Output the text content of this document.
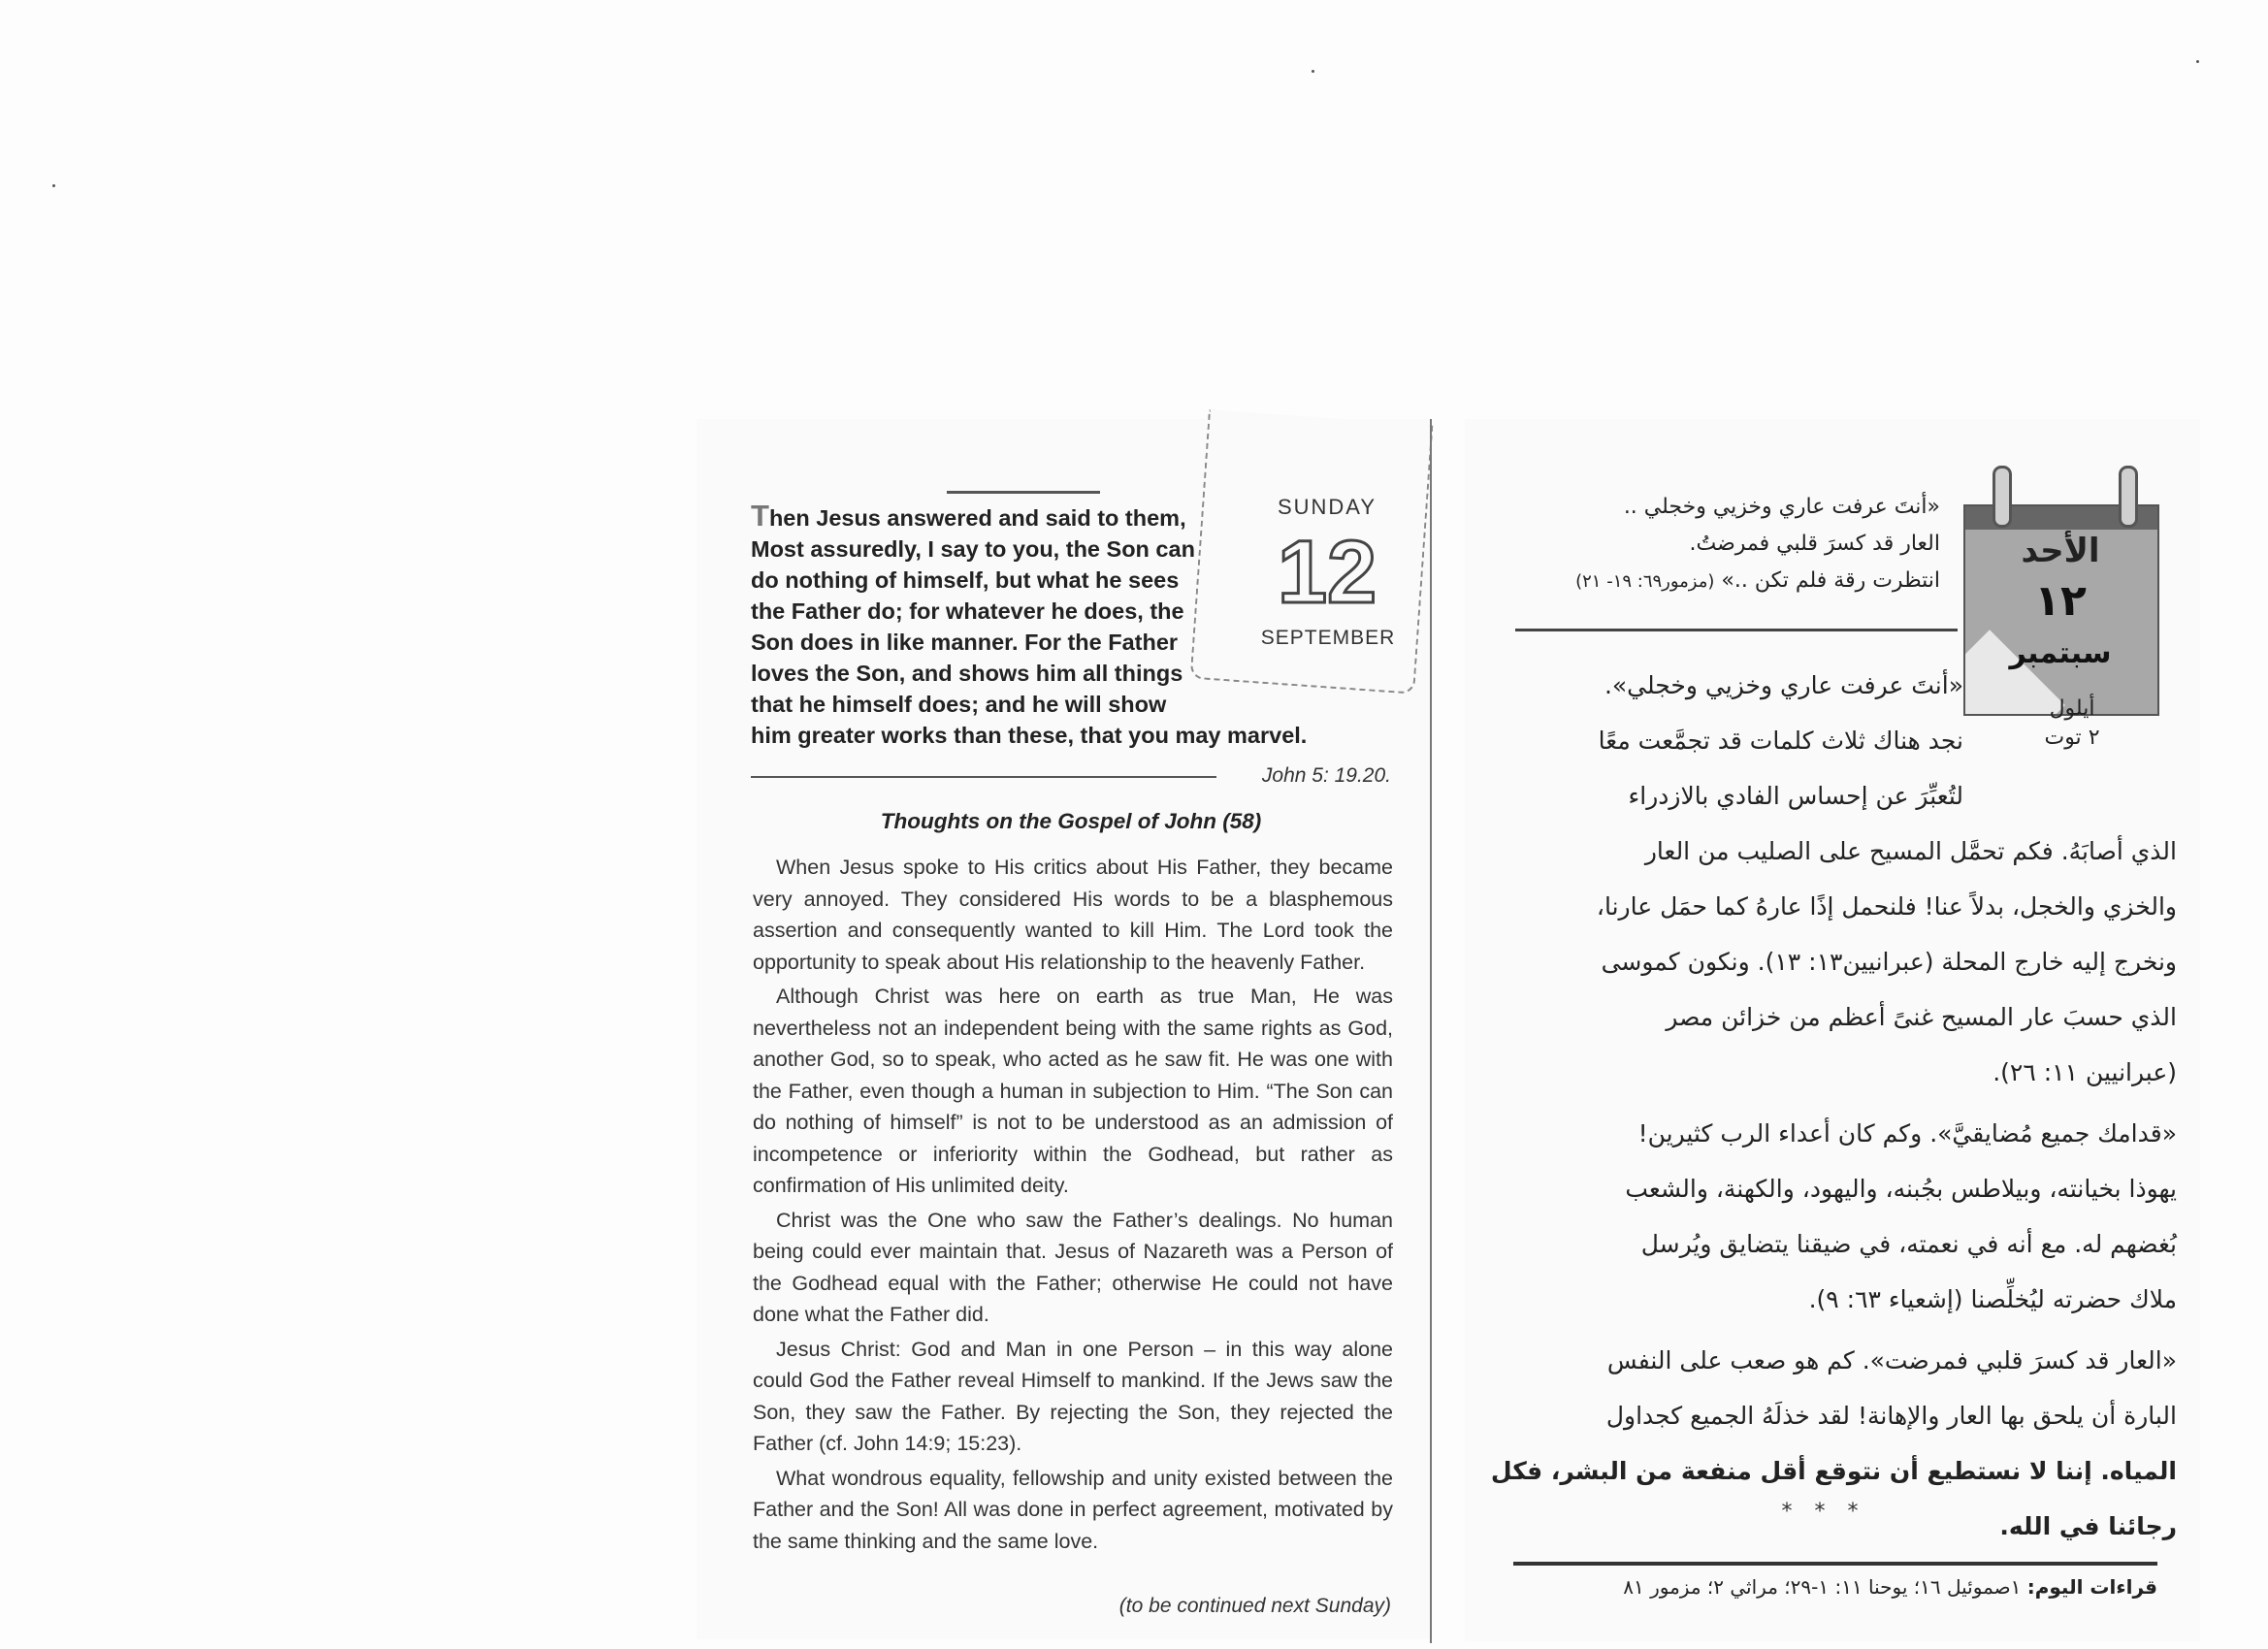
SUNDAY
12
SEPTEMBER
Then Jesus answered and said to them,
Most assuredly, I say to you, the Son can
do nothing of himself, but what he sees
the Father do; for whatever he does, the
Son does in like manner. For the Father
loves the Son, and shows him all things
that he himself does; and he will show
him greater works than these, that you may marvel.
John 5: 19.20.
Thoughts on the Gospel of John (58)

When Jesus spoke to His critics about His Father, they became very annoyed. They considered His words to be a blasphemous assertion and consequently wanted to kill Him. The Lord took the opportunity to speak about His relationship to the heavenly Father.

Although Christ was here on earth as true Man, He was nevertheless not an independent being with the same rights as God, another God, so to speak, who acted as he saw fit. He was one with the Father, even though a human in subjection to Him. “The Son can do nothing of himself” is not to be understood as an admission of incompetence or inferiority within the Godhead, but rather as confirmation of His unlimited deity.

Christ was the One who saw the Father’s dealings. No human being could ever maintain that. Jesus of Nazareth was a Person of the Godhead equal with the Father; otherwise He could not have done what the Father did.

Jesus Christ: God and Man in one Person – in this way alone could God the Father reveal Himself to mankind. If the Jews saw the Son, they saw the Father. By rejecting the Son, they rejected the Father (cf. John 14:9; 15:23).

What wondrous equality, fellowship and unity existed between the Father and the Son! All was done in perfect agreement, motivated by the same thinking and the same love.

(to be continued next Sunday)
الأحد
١٢
سبتمبر
أيلول
٢ توت
«أنتَ عرفت عاري وخزيي وخجلي ..
العار قد كسرَ قلبي فمرضتُ.
انتظرت رقة فلم تكن ..» (مزمور٦٩: ١٩- ٢١)
«أنتَ عرفت عاري وخزيي وخجلي».
نجد هناك ثلاث كلمات قد تجمَّعت معًا
لتُعبِّرَ عن إحساس الفادي بالازدراء
الذي أصابَهُ. فكم تحمَّل المسيح على الصليب من العار
والخزي والخجل، بدلاً عنا! فلنحمل إذًا عارهُ كما حمَل عارنا،
ونخرج إليه خارج المحلة (عبرانيين١٣: ١٣). ونكون كموسى
الذي حسبَ عار المسيح غنىً أعظم من خزائن مصر
(عبرانيين ١١: ٢٦).
«قدامك جميع مُضايقيَّ». وكم كان أعداء الرب كثيرين!
يهوذا بخيانته، وبيلاطس بجُبنه، واليهود، والكهنة، والشعب
بُغضهم له. مع أنه في نعمته، في ضيقنا يتضايق ويُرسل
ملاك حضرته ليُخلِّصنا (إشعياء ٦٣: ٩).
«العار قد كسرَ قلبي فمرضت». كم هو صعب على النفس
البارة أن يلحق بها العار والإهانة! لقد خذلَهُ الجميع كجداول
المياه. إننا لا نستطيع أن نتوقع أقل منفعة من البشر، فكل
رجائنا في الله.
* * *
قراءات اليوم: ١صموئيل ١٦؛ يوحنا ١١: ١-٢٩؛ مراثي ٢؛ مزمور ٨١
